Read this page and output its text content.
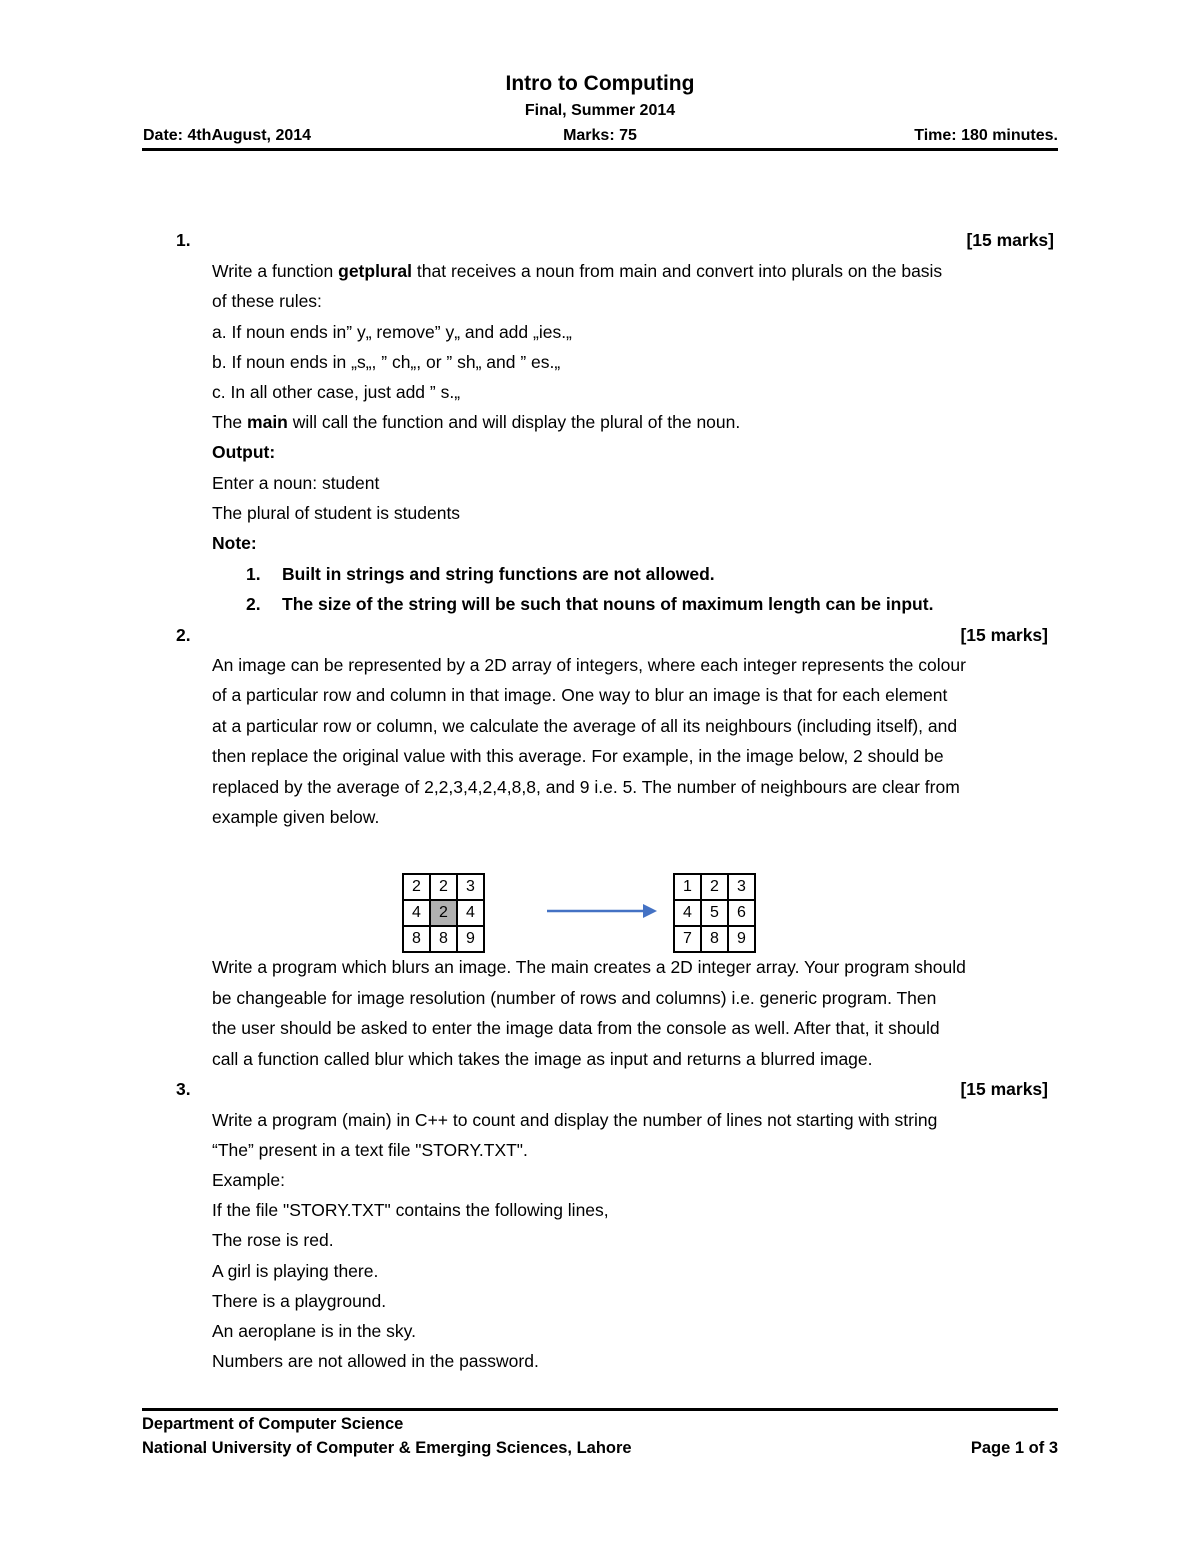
Intro to Computing
Final, Summer 2014
Date: 4thAugust, 2014	Marks: 75	Time: 180 minutes.
1.	[15 marks]
Write a function getplural that receives a noun from main and convert into plurals on the basis
of these rules:
a. If noun ends in” y„ remove” y„ and add „ies.„
b. If noun ends in „s„, ” ch„, or ” sh„ and ” es.„
c. In all other case, just add ” s.„
The main will call the function and will display the plural of the noun.
Output:
Enter a noun: student
The plural of student is students
Note:
1. Built in strings and string functions are not allowed.
2. The size of the string will be such that nouns of maximum length can be input.
2.	[15 marks]
An image can be represented by a 2D array of integers, where each integer represents the colour
of a particular row and column in that image. One way to blur an image is that for each element
at a particular row or column, we calculate the average of all its neighbours (including itself), and
then replace the original value with this average. For example, in the image below, 2 should be
replaced by the average of 2,2,3,4,2,4,8,8, and 9 i.e. 5. The number of neighbours are clear from
example given below.
2	2	3
4	2	4
8	8	9
1	2	3
4	5	6
7	8	9
Write a program which blurs an image. The main creates a 2D integer array. Your program should
be changeable for image resolution (number of rows and columns) i.e. generic program. Then
the user should be asked to enter the image data from the console as well. After that, it should
call a function called blur which takes the image as input and returns a blurred image.
3.	[15 marks]
Write a program (main) in C++ to count and display the number of lines not starting with string
“The” present in a text file "STORY.TXT".
Example:
If the file "STORY.TXT" contains the following lines,
The rose is red.
A girl is playing there.
There is a playground.
An aeroplane is in the sky.
Numbers are not allowed in the password.
Department of Computer Science
National University of Computer & Emerging Sciences, Lahore	Page 1 of 3
